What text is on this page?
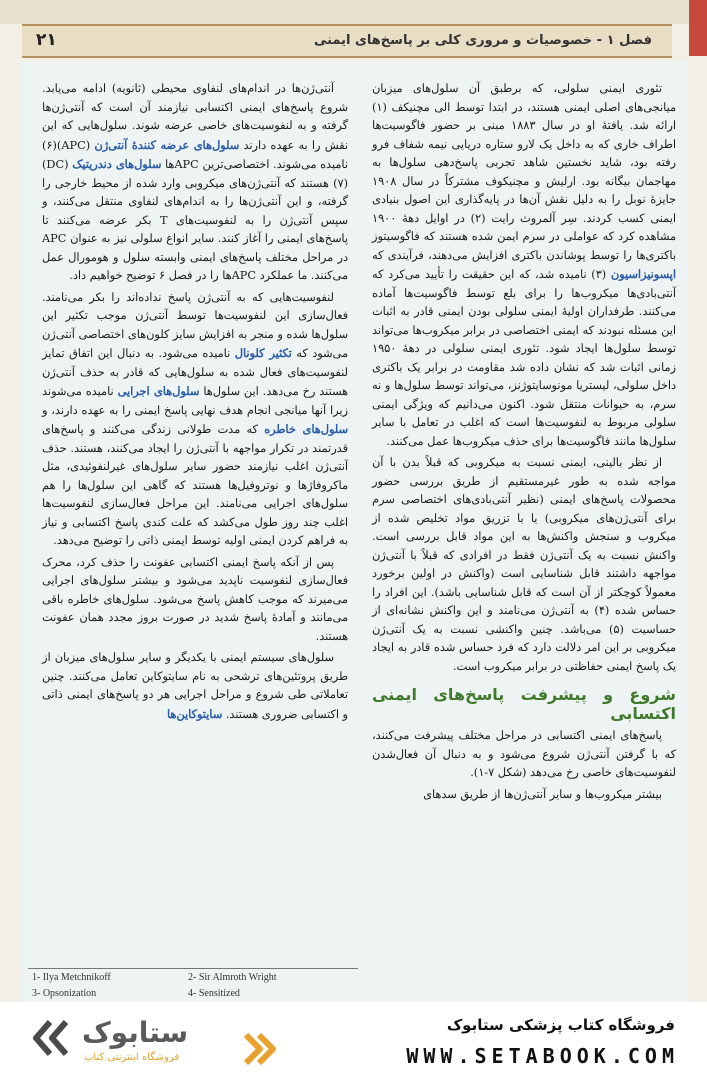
۲۱	فصل ۱ - خصوصیات و مروری کلی بر پاسخ‌های ایمنی

تئوری ایمنی سلولی، که برطبق آن سلول‌های میزبان میانجی‌های اصلی ایمنی هستند، در ابتدا توسط الی مچنیکف (۱) ارائه شد. یافتهٔ او در سال ۱۸۸۳ مبنی بر حضور فاگوسیت‌ها اطراف خاری که به داخل یک لارو ستاره دریایی نیمه شفاف فرو رفته بود، شاید نخستین شاهد تجربی پاسخ‌دهی سلول‌ها به مهاجمان بیگانه بود. ارلیش و مچنیکوف مشترکاً در سال ۱۹۰۸ جایزهٔ نوبل را به دلیل نقش آن‌ها در پایه‌گذاری این اصول بنیادی ایمنی کسب کردند. سِر آلمروث رایت (۲) در اوایل دههٔ ۱۹۰۰ مشاهده کرد که عواملی در سرم ایمن شده هستند که فاگوسیتوز باکتری‌ها را توسط پوشاندن باکتری افزایش می‌دهند، فرآیندی که اپسونیزاسیون (۳) نامیده شد، که این حقیقت را تأیید می‌کرد که آنتی‌بادی‌ها میکروب‌ها را برای بلع توسط فاگوسیت‌ها آماده می‌کنند. طرفداران اولیهٔ ایمنی سلولی بودن ایمنی قادر به اثبات این مسئله نبودند که ایمنی اختصاصی در برابر میکروب‌ها می‌تواند توسط سلول‌ها ایجاد شود. تئوری ایمنی سلولی در دههٔ ۱۹۵۰ زمانی اثبات شد که نشان داده شد مقاومت در برابر یک باکتری داخل سلولی، لیستریا مونوسایتوژنز، می‌تواند توسط سلول‌ها و نه سرم، به حیوانات منتقل شود. اکنون می‌دانیم که ویژگی ایمنی سلولی مربوط به لنفوسیت‌ها است که اغلب در تعامل با سایر سلول‌ها مانند فاگوسیت‌ها برای حذف میکروب‌ها عمل می‌کنند.

از نظر بالینی، ایمنی نسبت به میکروبی که قبلاً بدن با آن مواجه شده به طور غیرمستقیم از طریق بررسی حضور محصولات پاسخ‌های ایمنی (نظیر آنتی‌بادی‌های اختصاصی سرم برای آنتی‌ژن‌های میکروبی) یا با تزریق مواد تخلیص شده از میکروب و سنجش واکنش‌ها به این مواد قابل بررسی است. واکنش نسبت به یک آنتی‌ژن فقط در افرادی که قبلاً با آنتی‌ژن مواجهه داشتند قابل شناسایی است (واکنش در اولین برخورد معمولاً کوچکتر از آن است که قابل شناسایی باشد). این افراد را حساس شده (۴) به آنتی‌ژن می‌نامند و این واکنش نشانه‌ای از حساسیت (۵) می‌باشد. چنین واکنشی نسبت به یک آنتی‌ژن میکروبی بر این امر دلالت دارد که فرد حساس شده قادر به ایجاد یک پاسخ ایمنی حفاظتی در برابر میکروب است.

شروع و پیشرفت پاسخ‌های ایمنی اکتسابی

پاسخ‌های ایمنی اکتسابی در مراحل مختلف پیشرفت می‌کنند، که با گرفتن آنتی‌ژن شروع می‌شود و به دنبال آن فعال‌شدن لنفوسیت‌های خاصی رخ می‌دهد (شکل ۷-۱).

بیشتر میکروب‌ها و سایر آنتی‌ژن‌ها از طریق سدهای

آنتی‌ژن‌ها در اندام‌های لنفاوی محیطی (ثانویه) ادامه می‌یابد. شروع پاسخ‌های ایمنی اکتسابی نیازمند آن است که آنتی‌ژن‌ها گرفته و به لنفوسیت‌های خاصی عرضه شوند. سلول‌هایی که این نقش را به عهده دارند سلول‌های عرضه کنندهٔ آنتی‌ژن (APC)(۶) نامیده می‌شوند. اختصاصی‌ترین APCها سلول‌های دندریتیک (DC)(۷) هستند که آنتی‌ژن‌های میکروبی وارد شده از محیط خارجی را گرفته، و این آنتی‌ژن‌ها را به اندام‌های لنفاوی منتقل می‌کنند، و سپس آنتی‌ژن را به لنفوسیت‌های T بکر عرضه می‌کنند تا پاسخ‌های ایمنی را آغاز کنند. سایر انواع سلولی نیز به عنوان APC در مراحل مختلف پاسخ‌های ایمنی وابسته سلول و هومورال عمل می‌کنند. ما عملکرد APCها را در فصل ۶ توضیح خواهیم داد.

لنفوسیت‌هایی که به آنتی‌ژن پاسخ نداده‌اند را بکر می‌نامند. فعال‌سازی این لنفوسیت‌ها توسط آنتی‌ژن موجب تکثیر این سلول‌ها شده و منجر به افزایش سایز کلون‌های اختصاصی آنتی‌ژن می‌شود که تکثیر کلونال نامیده می‌شود. به دنبال این اتفاق تمایز لنفوسیت‌های فعال شده به سلول‌هایی که قادر به حذف آنتی‌ژن هستند رخ می‌دهد. این سلول‌ها سلول‌های اجرایی نامیده می‌شوند زیرا آنها میانجی انجام هدف نهایی پاسخ ایمنی را به عهده دارند، و سلول‌های خاطره که مدت طولانی زندگی می‌کنند و پاسخ‌های قدرتمند در تکرار مواجهه با آنتی‌ژن را ایجاد می‌کنند، هستند. حذف آنتی‌ژن اغلب نیازمند حضور سایر سلول‌های غیرلنفوئیدی، مثل ماکروفاژها و نوتروفیل‌ها هستند که گاهی این سلول‌ها را هم سلول‌های اجرایی می‌نامند. این مراحل فعال‌سازی لنفوسیت‌ها اغلب چند روز طول می‌کشد که علت کندی پاسخ اکتسابی و نیاز به فراهم کردن ایمنی اولیه توسط ایمنی ذاتی را توضیح می‌دهد.

پس از آنکه پاسخ ایمنی اکتسابی عفونت را حذف کرد، محرک فعال‌سازی لنفوسیت ناپدید می‌شود و بیشتر سلول‌های اجرایی می‌میرند که موجب کاهش پاسخ می‌شود. سلول‌های خاطره باقی می‌مانند و آمادهٔ پاسخ شدید در صورت بروز مجدد همان عفونت هستند.

سلول‌های سیستم ایمنی با یکدیگر و سایر سلول‌های میزبان از طریق پروتئین‌های ترشحی به نام سایتوکاین تعامل می‌کنند. چنین تعاملاتی طی شروع و مراحل اجرایی هر دو پاسخ‌های ایمنی ذاتی و اکتسابی ضروری هستند. سایتوکاین‌ها

1- Ilya Metchnikoff	2- Sir Almroth Wright
3- Opsonization	4- Sensitized
ستابوک
فروشگاه اینترنتی کتاب
فروشگاه کتاب پزشکی ستابوک
WWW.SETABOOK.COM
